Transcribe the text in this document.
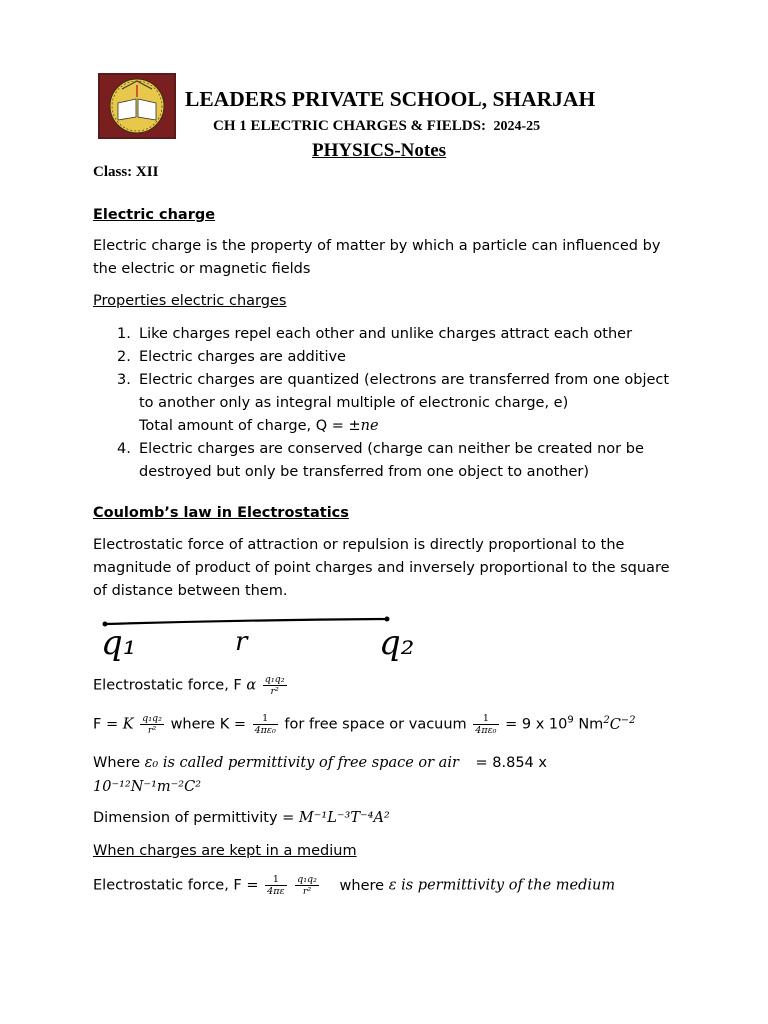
LEADERS PRIVATE SCHOOL, SHARJAH
CH 1 ELECTRIC CHARGES & FIELDS: 2024-25
PHYSICS-Notes
Class: XII
Electric charge
Electric charge is the property of matter by which a particle can influenced by
the electric or magnetic fields
Properties electric charges
1. Like charges repel each other and unlike charges attract each other
2. Electric charges are additive
3. Electric charges are quantized (electrons are transferred from one object
to another only as integral multiple of electronic charge, e)
Total amount of charge, Q = ±ne
4. Electric charges are conserved (charge can neither be created nor be
destroyed but only be transferred from one object to another)
Coulomb’s law in Electrostatics
Electrostatic force of attraction or repulsion is directly proportional to the
magnitude of product of point charges and inversely proportional to the square
of distance between them.
q₁	r	q₂
Electrostatic force, F α $\frac{\text{q₁q₂}}{\text{r²}}$
F = K $\frac{\text{q₁q₂}}{\text{r²}}$ where $K = \frac{1}{\text{4πε₀}}$ for free space or vacuum $\frac{1}{\text{4πε₀}} = 9$ x $10^9$ $Nm^2C^{-2}$
Where ε₀ is called permittivity of free space or air = 8.854 x
10⁻¹²N⁻¹m⁻²C²
Dimension of permittivity = M⁻¹L⁻³T⁻⁴A²
When charges are kept in a medium
Electrostatic force, $F = \frac{1}{4\pi\varepsilon}$
$\frac{\text{q₁q₂}}{\text{r²}}$ where ε is permittivity of the medium
